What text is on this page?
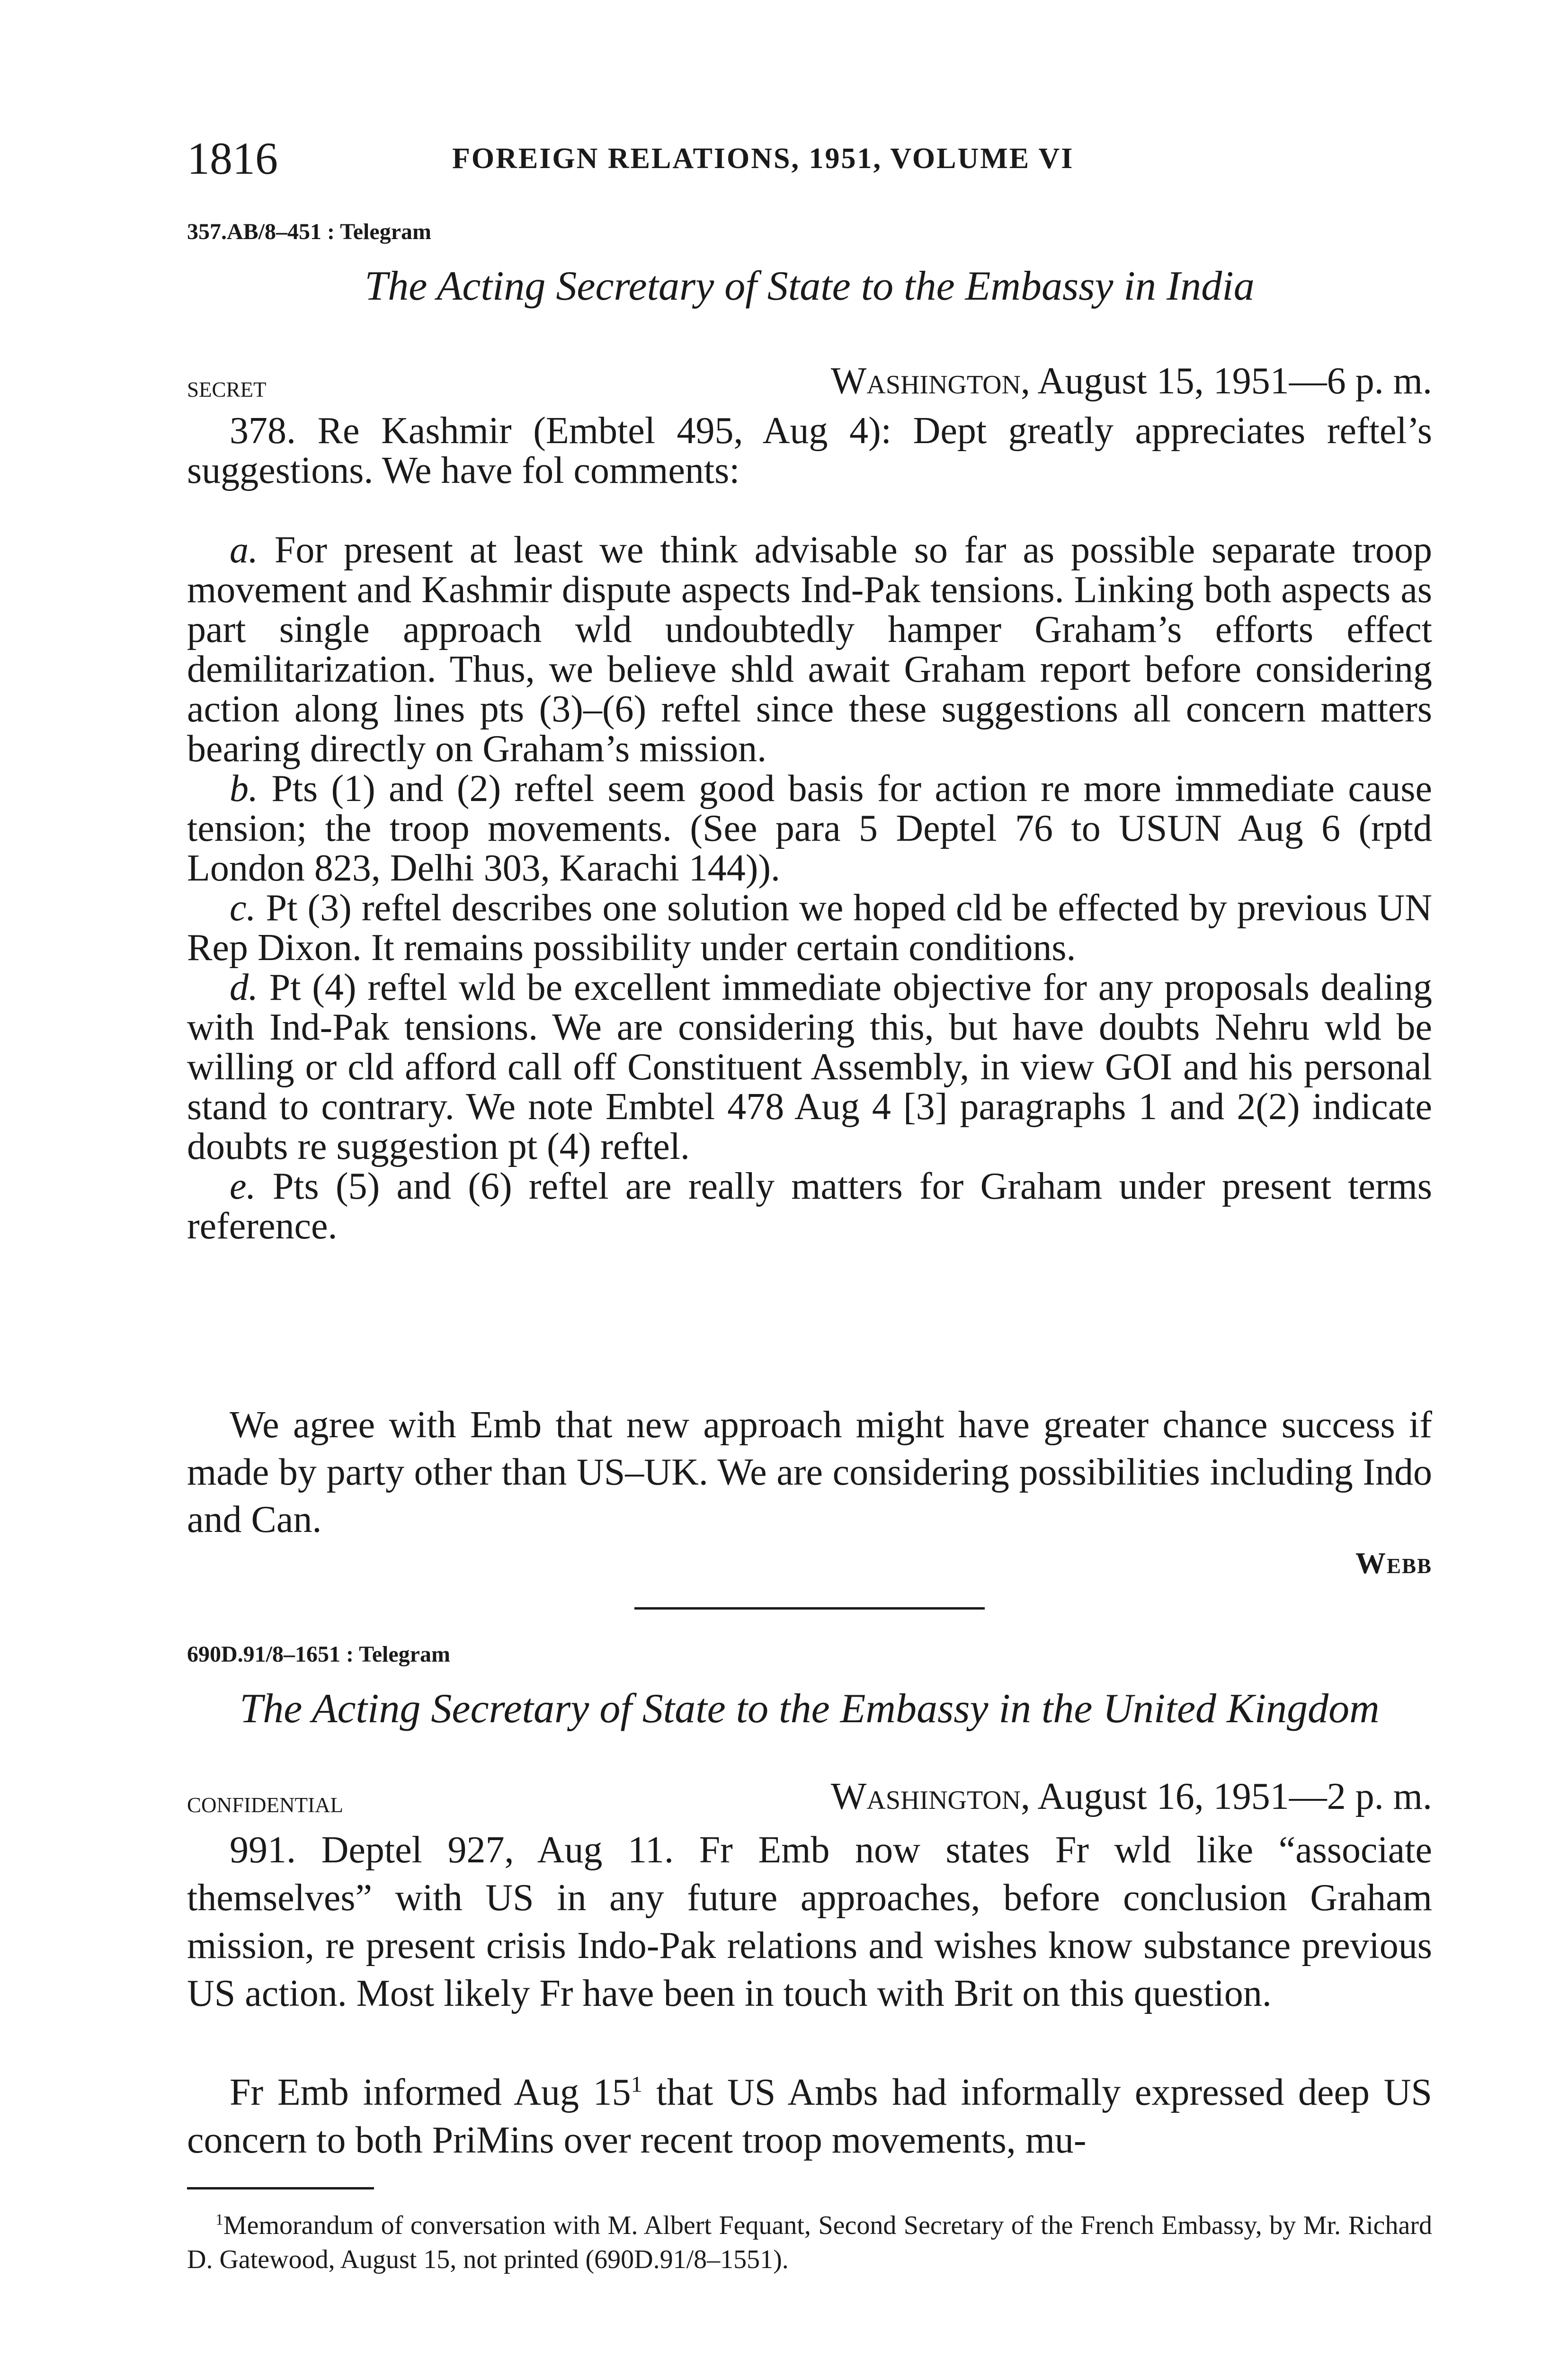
1816	FOREIGN RELATIONS, 1951, VOLUME VI

357.AB/8–451 : Telegram

The Acting Secretary of State to the Embassy in India

secret	Washington, August 15, 1951—6 p. m.

378. Re Kashmir (Embtel 495, Aug 4): Dept greatly appreciates reftel’s suggestions. We have fol comments:

a. For present at least we think advisable so far as possible separate troop movement and Kashmir dispute aspects Ind-Pak tensions. Linking both aspects as part single approach wld undoubtedly hamper Graham’s efforts effect demilitarization. Thus, we believe shld await Graham report before considering action along lines pts (3)–(6) reftel since these suggestions all concern matters bearing directly on Graham’s mission.

b. Pts (1) and (2) reftel seem good basis for action re more immediate cause tension; the troop movements. (See para 5 Deptel 76 to USUN Aug 6 (rptd London 823, Delhi 303, Karachi 144)).

c. Pt (3) reftel describes one solution we hoped cld be effected by previous UN Rep Dixon. It remains possibility under certain conditions.

d. Pt (4) reftel wld be excellent immediate objective for any proposals dealing with Ind-Pak tensions. We are considering this, but have doubts Nehru wld be willing or cld afford call off Constituent Assembly, in view GOI and his personal stand to contrary. We note Embtel 478 Aug 4 [3] paragraphs 1 and 2(2) indicate doubts re suggestion pt (4) reftel.

e. Pts (5) and (6) reftel are really matters for Graham under present terms reference.

We agree with Emb that new approach might have greater chance success if made by party other than US–UK. We are considering possibilities including Indo and Can.

Webb

690D.91/8–1651 : Telegram

The Acting Secretary of State to the Embassy in the United Kingdom

confidential	Washington, August 16, 1951—2 p. m.

991. Deptel 927, Aug 11. Fr Emb now states Fr wld like “associate themselves” with US in any future approaches, before conclusion Graham mission, re present crisis Indo-Pak relations and wishes know substance previous US action. Most likely Fr have been in touch with Brit on this question.

Fr Emb informed Aug $15^1$ that US Ambs had informally expressed deep US concern to both PriMins over recent troop movements, mu-

$^1$Memorandum of conversation with M. Albert Fequant, Second Secretary of the French Embassy, by Mr. Richard D. Gatewood, August 15, not printed (690D.91/8–1551).
